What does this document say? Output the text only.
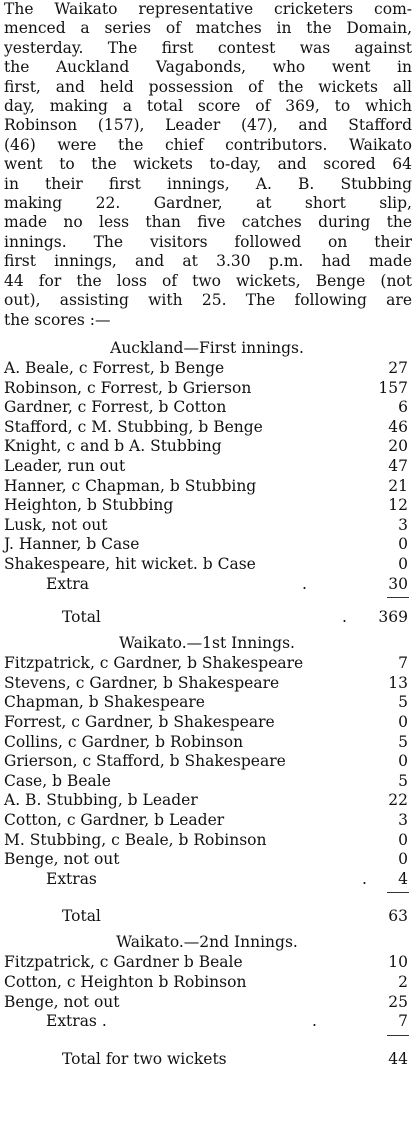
The Waikato representative cricketers com-
menced a series of matches in the Domain,
yesterday. The first contest was against
the Auckland Vagabonds, who went in
first, and held possession of the wickets all
day, making a total score of 369, to which
Robinson (157), Leader (47), and Stafford
(46) were the chief contributors. Waikato
went to the wickets to-day, and scored 64
in their first innings, A. B. Stubbing
making 22. Gardner, at short slip,
made no less than five catches during the
innings. The visitors followed on their
first innings, and at 3.30 p.m. had made
44 for the loss of two wickets, Benge (not
out), assisting with 25. The following are
the scores :—
Auckland—First innings.
A. Beale, c Forrest, b Benge	27
Robinson, c Forrest, b Grierson	157
Gardner, c Forrest, b Cotton	6
Stafford, c M. Stubbing, b Benge	46
Knight, c and b A. Stubbing	20
Leader, run out	47
Hanner, c Chapman, b Stubbing	21
Heighton, b Stubbing	12
Lusk, not out	3
J. Hanner, b Case	0
Shakespeare, hit wicket. b Case	0
Extra	.	30
Total	. 369
Waikato.—1st Innings.
Fitzpatrick, c Gardner, b Shakespeare	7
Stevens, c Gardner, b Shakespeare	13
Chapman, b Shakespeare	5
Forrest, c Gardner, b Shakespeare	0
Collins, c Gardner, b Robinson	5
Grierson, c Stafford, b Shakespeare	0
Case, b Beale	5
A. B. Stubbing, b Leader	22
Cotton, c Gardner, b Leader	3
M. Stubbing, c Beale, b Robinson	0
Benge, not out	0
Extras	. 4
Total	63
Waikato.—2nd Innings.
Fitzpatrick, c Gardner b Beale	10
Cotton, c Heighton b Robinson	2
Benge, not out	25
Extras .	.	7
Total for two wickets	44
